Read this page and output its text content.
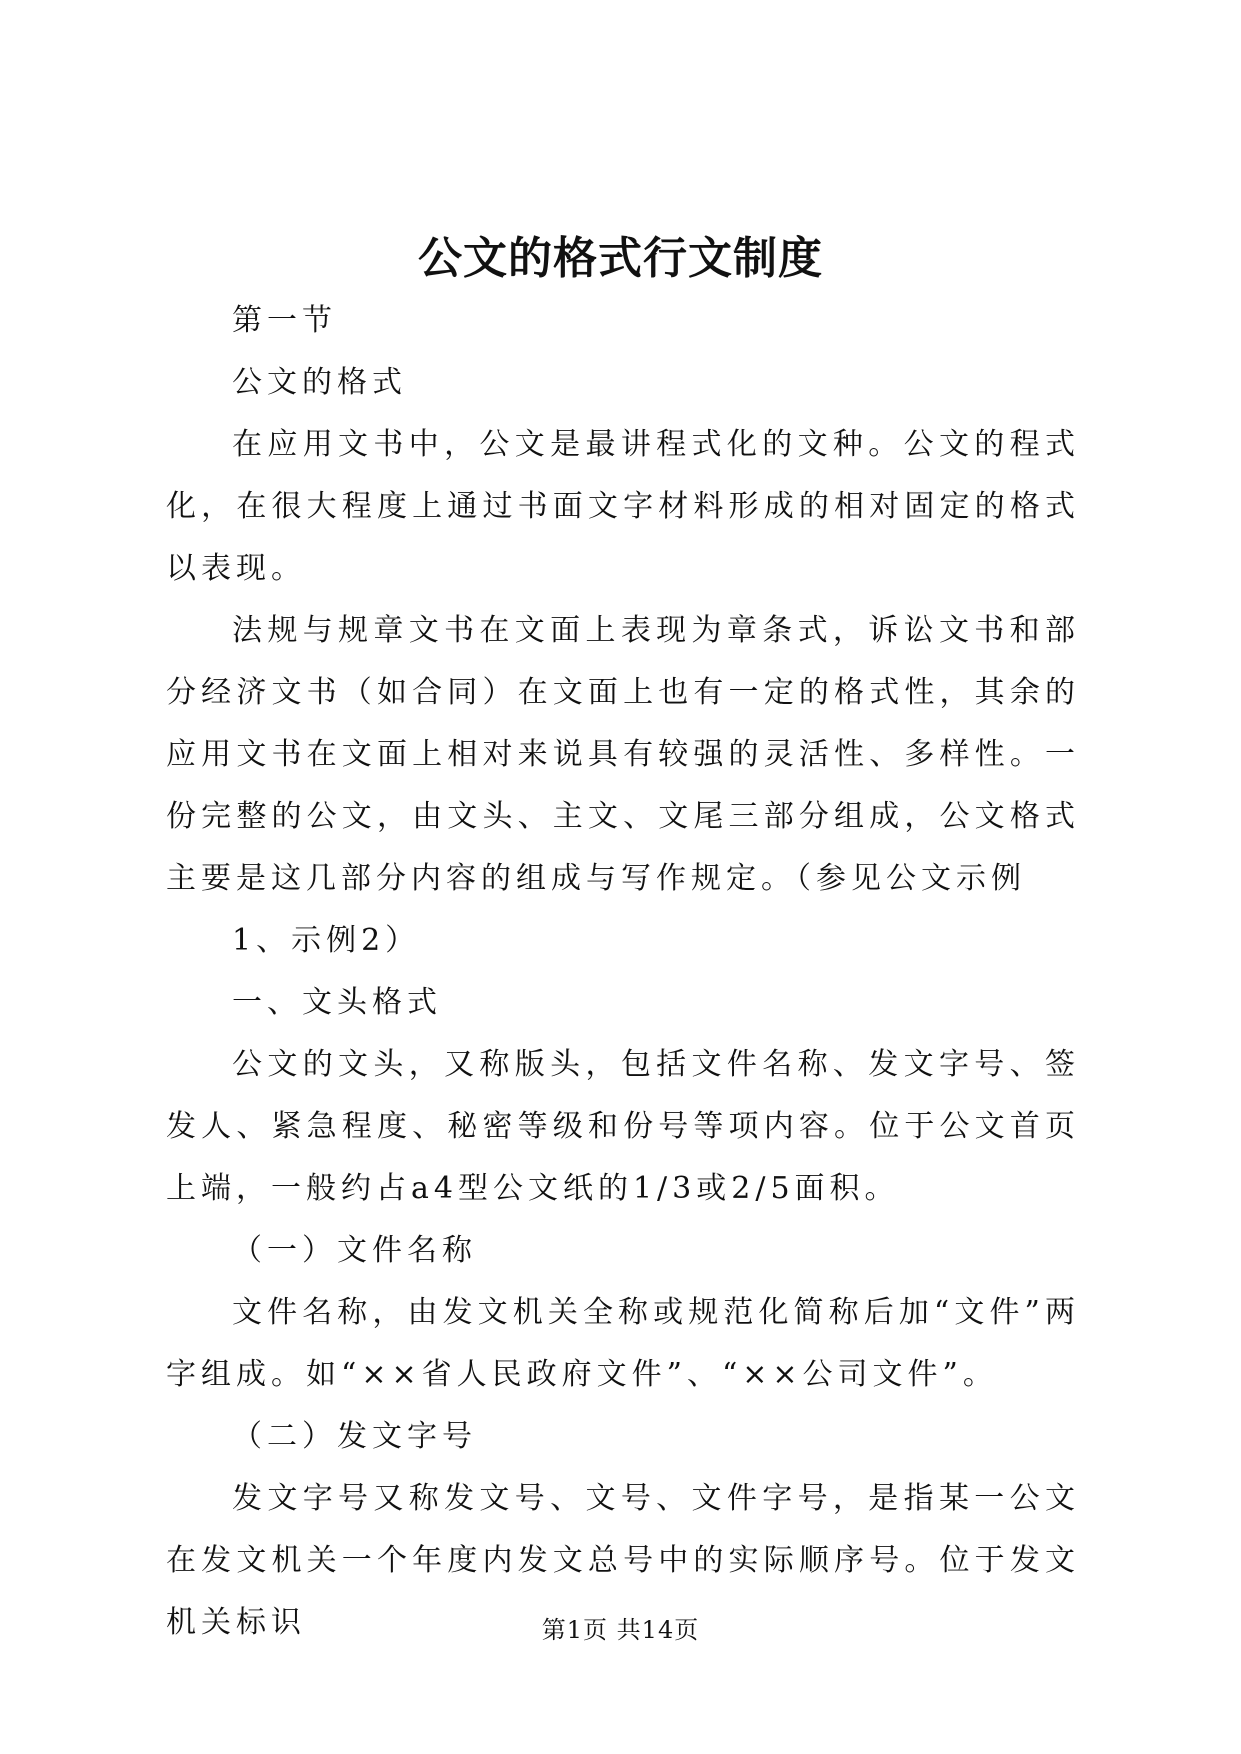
公文的格式行文制度

第一节

公文的格式

在应用文书中，公文是最讲程式化的文种。公文的程式化，在很大程度上通过书面文字材料形成的相对固定的格式以表现。

法规与规章文书在文面上表现为章条式，诉讼文书和部分经济文书（如合同）在文面上也有一定的格式性，其余的应用文书在文面上相对来说具有较强的灵活性、多样性。一份完整的公文，由文头、主文、文尾三部分组成，公文格式主要是这几部分内容的组成与写作规定。（参见公文示例

1、示例2）

一、文头格式

公文的文头，又称版头，包括文件名称、发文字号、签发人、紧急程度、秘密等级和份号等项内容。位于公文首页上端，一般约占a4型公文纸的1/3或2/5面积。

（一）文件名称

文件名称，由发文机关全称或规范化简称后加“文件”两字组成。如“××省人民政府文件”、“××公司文件”。

（二）发文字号

发文字号又称发文号、文号、文件字号，是指某一公文在发文机关一个年度内发文总号中的实际顺序号。位于发文机关标识	第1页 共14页
